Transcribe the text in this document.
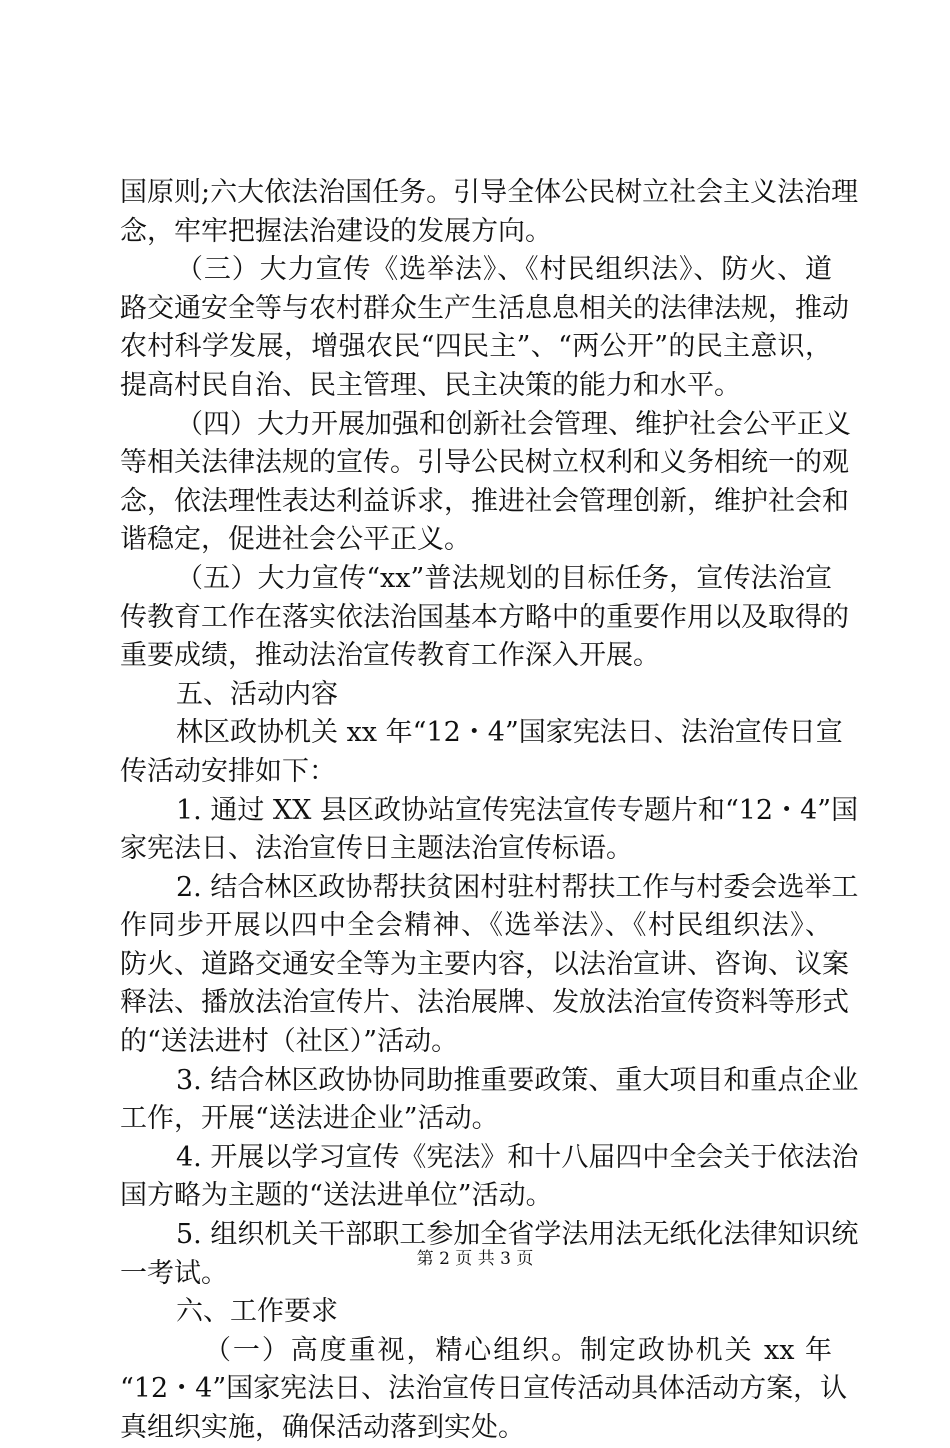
国原则;六大依法治国任务。引导全体公民树立社会主义法治理
念，牢牢把握法治建设的发展方向。
（三）大力宣传《选举法》、《村民组织法》、防火、道
路交通安全等与农村群众生产生活息息相关的法律法规，推动
农村科学发展，增强农民“四民主”、“两公开”的民主意识，
提高村民自治、民主管理、民主决策的能力和水平。
（四）大力开展加强和创新社会管理、维护社会公平正义
等相关法律法规的宣传。引导公民树立权利和义务相统一的观
念，依法理性表达利益诉求，推进社会管理创新，维护社会和
谐稳定，促进社会公平正义。
（五）大力宣传“xx”普法规划的目标任务，宣传法治宣
传教育工作在落实依法治国基本方略中的重要作用以及取得的
重要成绩，推动法治宣传教育工作深入开展。
五、活动内容
林区政协机关 xx 年“12・4”国家宪法日、法治宣传日宣
传活动安排如下：
1. 通过 XX 县区政协站宣传宪法宣传专题片和“12・4”国
家宪法日、法治宣传日主题法治宣传标语。
2. 结合林区政协帮扶贫困村驻村帮扶工作与村委会选举工
作同步开展以四中全会精神、《选举法》、《村民组织法》、
防火、道路交通安全等为主要内容，以法治宣讲、咨询、议案
释法、播放法治宣传片、法治展牌、发放法治宣传资料等形式
的“送法进村（社区）”活动。
3. 结合林区政协协同助推重要政策、重大项目和重点企业
工作，开展“送法进企业”活动。
4. 开展以学习宣传《宪法》和十八届四中全会关于依法治
国方略为主题的“送法进单位”活动。
5. 组织机关干部职工参加全省学法用法无纸化法律知识统
一考试。
六、工作要求
（一）高度重视，精心组织。制定政协机关 xx 年
“12・4”国家宪法日、法治宣传日宣传活动具体活动方案，认
真组织实施，确保活动落到实处。
第 2 页 共 3 页
